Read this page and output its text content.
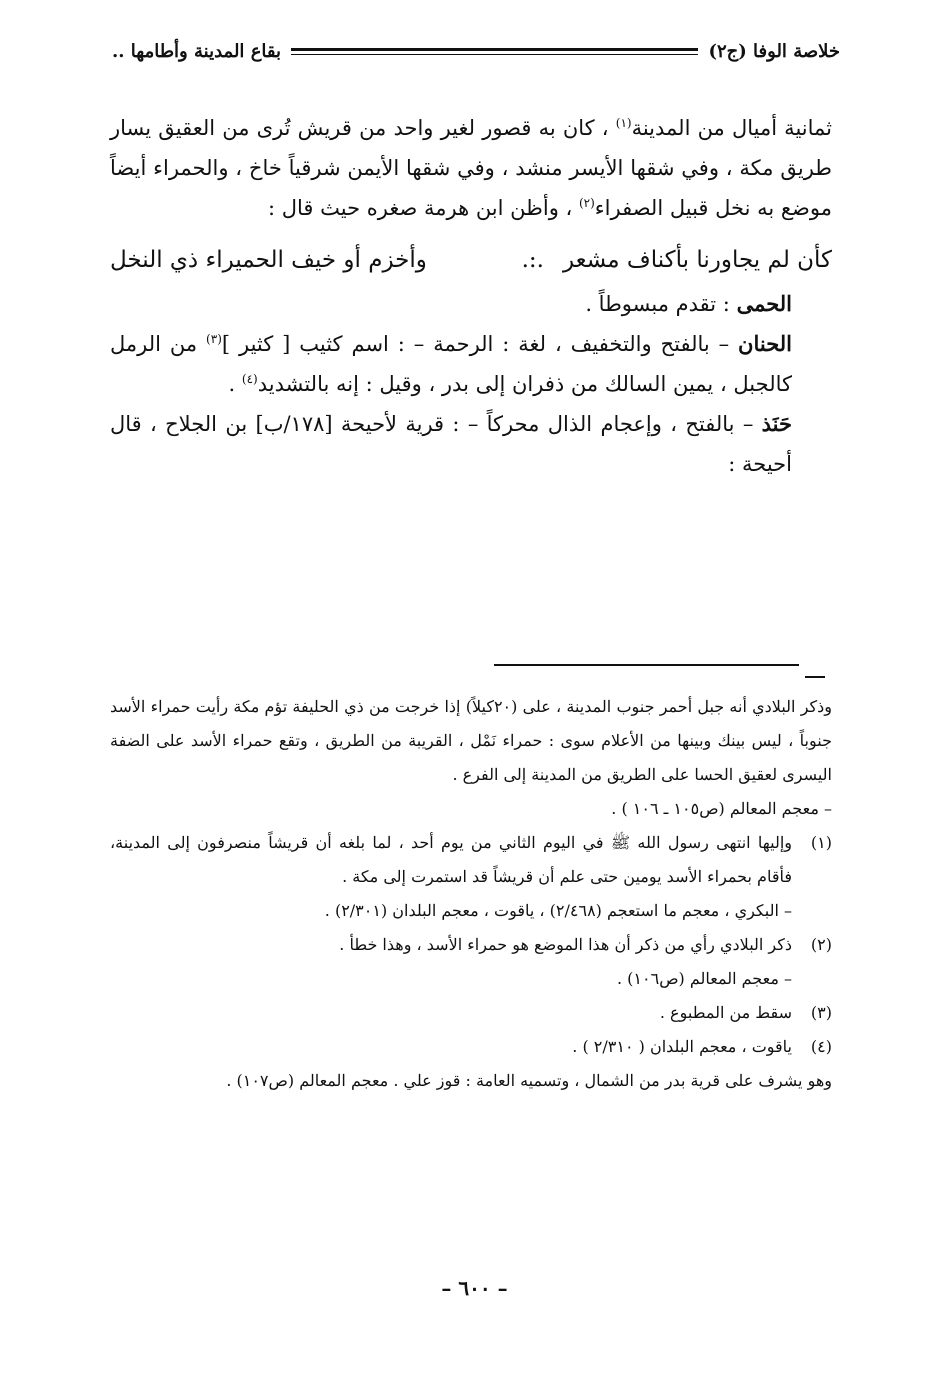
خلاصة الوفا (ج٢)
بقاع المدينة وأطامها ..

ثمانية أميال من المدينة$^{(١)}$ ، كان به قصور لغير واحد من قريش تُرى من العقيق يسار طريق مكة ، وفي شقها الأيسر منشد ، وفي شقها الأيمن شرقياً خاخ ، والحمراء أيضاً موضع به نخل قبيل الصفراء$^{(٢)}$ ، وأظن ابن هرمة صغره حيث قال :

كأن لم يجاورنا بأكناف مشعر
.:.
وأخزم أو خيف الحميراء ذي النخل

الحمى : تقدم مبسوطاً .

الحنان – بالفتح والتخفيف ، لغة : الرحمة – : اسم كثيب [ كثير ]$^{(٣)}$ من الرمل كالجبل ، يمين السالك من ذفران إلى بدر ، وقيل : إنه بالتشديد$^{(٤)}$ .

حَنَذ – بالفتح ، وإعجام الذال محركاً – : قرية لأحيحة [١٧٨/ب] بن الجلاح ، قال أحيحة :

وذكر البلادي أنه جبل أحمر جنوب المدينة ، على (٢٠كيلاً) إذا خرجت من ذي الحليفة تؤم مكة رأيت حمراء الأسد جنوباً ، ليس بينك وبينها من الأعلام سوى : حمراء نَمْل ، القريبة من الطريق ، وتقع حمراء الأسد على الضفة اليسرى لعقيق الحسا على الطريق من المدينة إلى الفرع .

– معجم المعالم (ص١٠٥ ـ ١٠٦ ) .

(١)
وإليها انتهى رسول الله ﷺ في اليوم الثاني من يوم أحد ، لما بلغه أن قريشاً منصرفون إلى المدينة، فأقام بحمراء الأسد يومين حتى علم أن قريشاً قد استمرت إلى مكة .

– البكري ، معجم ما استعجم (٢/٤٦٨) ، ياقوت ، معجم البلدان (٢/٣٠١) .

(٢)
ذكر البلادي رأي من ذكر أن هذا الموضع هو حمراء الأسد ، وهذا خطأ .

– معجم المعالم (ص١٠٦) .

(٣)
سقط من المطبوع .

(٤)
ياقوت ، معجم البلدان ( ٢/٣١٠ ) .

وهو يشرف على قرية بدر من الشمال ، وتسميه العامة : قوز علي . معجم المعالم (ص١٠٧) .

– ٦٠٠ –
